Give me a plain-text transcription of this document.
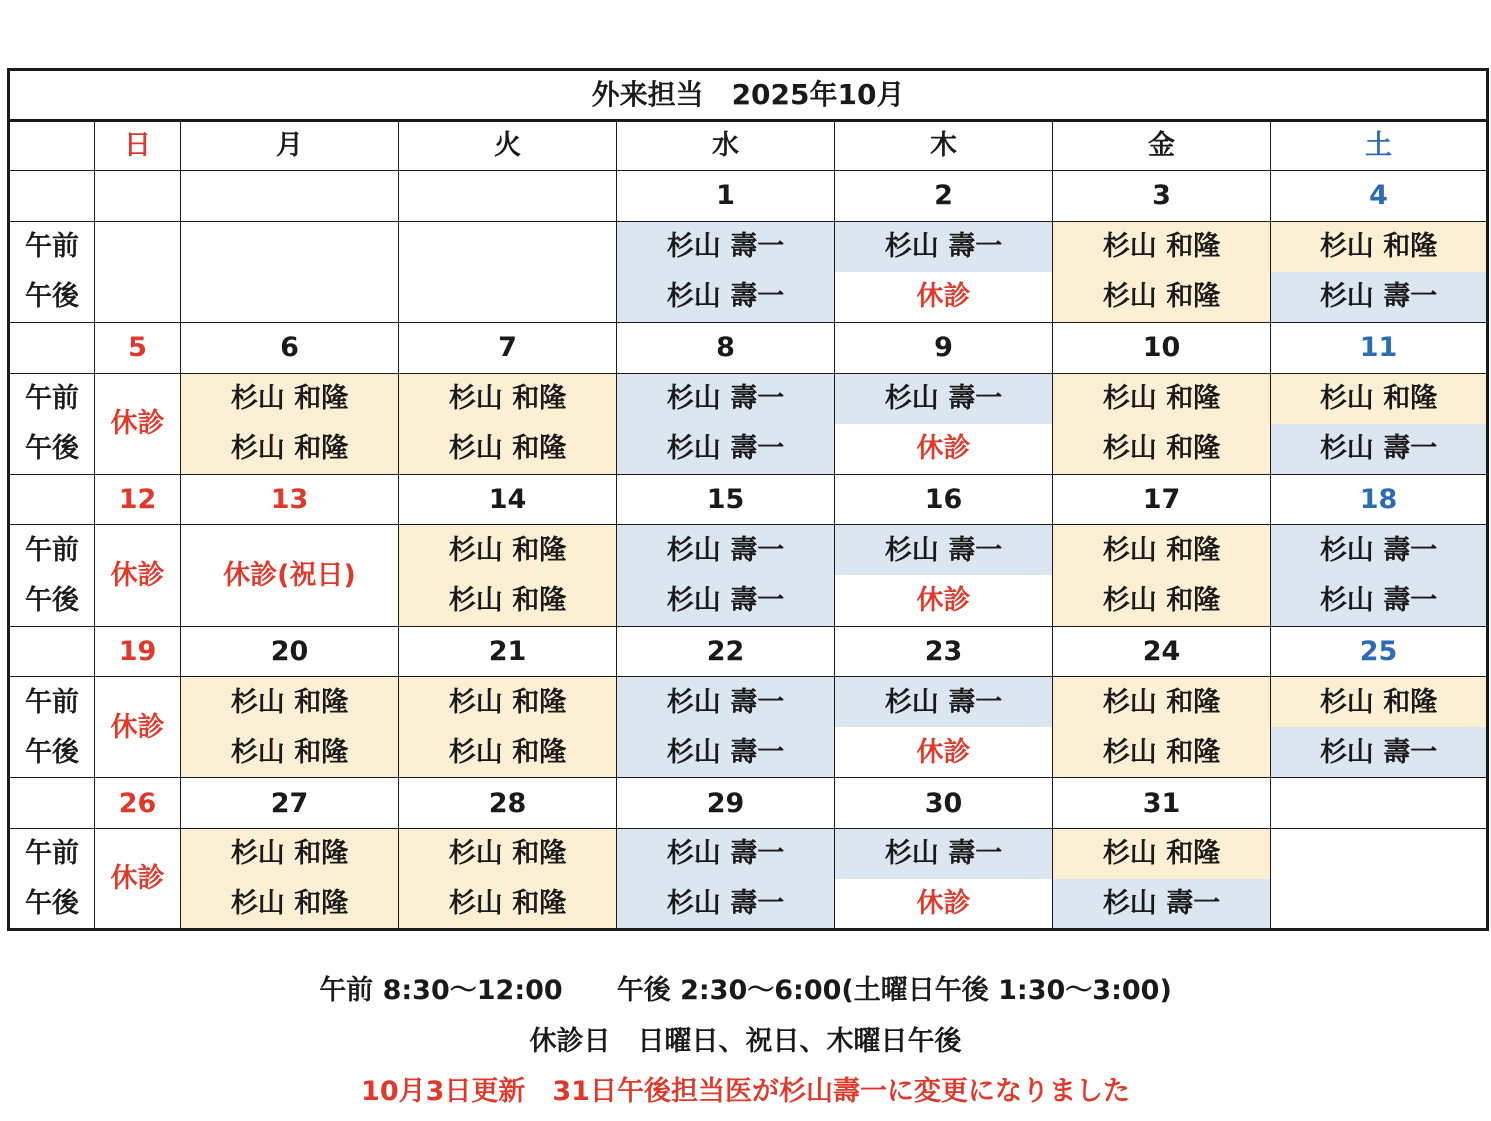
外来担当　2025年10月							
	日	月	火	水	木	金	土
				1	2	3	4
午前				杉山 壽一	杉山 壽一	杉山 和隆	杉山 和隆
午後				杉山 壽一	休診	杉山 和隆	杉山 壽一
	5	6	7	8	9	10	11
午前	休診	杉山 和隆	杉山 和隆	杉山 壽一	杉山 壽一	杉山 和隆	杉山 和隆
午後		杉山 和隆	杉山 和隆	杉山 壽一	休診	杉山 和隆	杉山 壽一
	12	13	14	15	16	17	18
午前	休診	休診(祝日)	杉山 和隆	杉山 壽一	杉山 壽一	杉山 和隆	杉山 壽一
午後			杉山 和隆	杉山 壽一	休診	杉山 和隆	杉山 壽一
	19	20	21	22	23	24	25
午前	休診	杉山 和隆	杉山 和隆	杉山 壽一	杉山 壽一	杉山 和隆	杉山 和隆
午後		杉山 和隆	杉山 和隆	杉山 壽一	休診	杉山 和隆	杉山 壽一
	26	27	28	29	30	31	
午前	休診	杉山 和隆	杉山 和隆	杉山 壽一	杉山 壽一	杉山 和隆	
午後		杉山 和隆	杉山 和隆	杉山 壽一	休診	杉山 壽一	
午前 8:30〜12:00　　午後 2:30〜6:00(土曜日午後 1:30〜3:00)
休診日　日曜日、祝日、木曜日午後
10月3日更新　31日午後担当医が杉山壽一に変更になりました
